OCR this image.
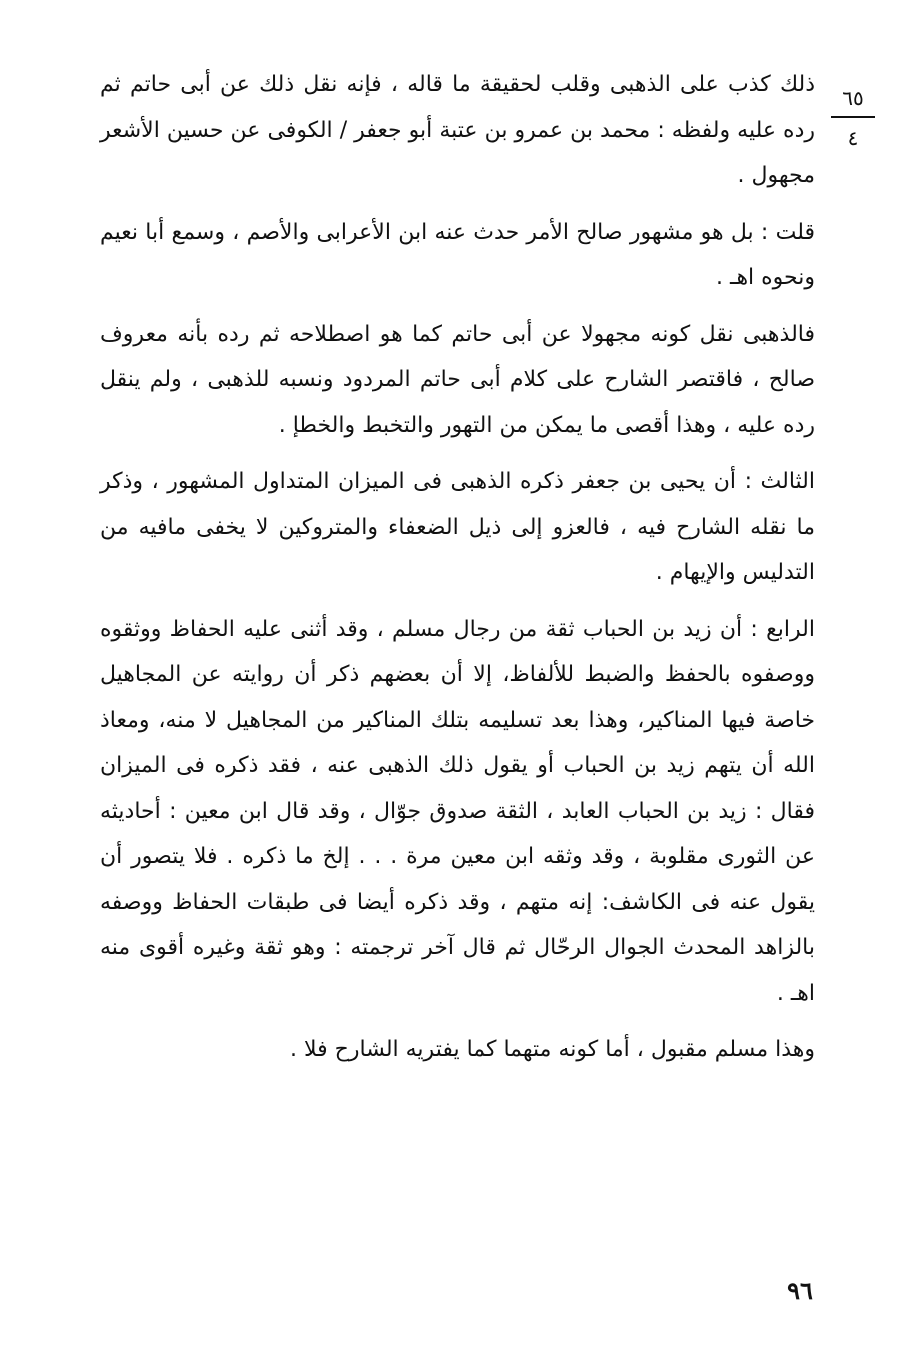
٦٥
٤

ذلك كذب على الذهبى وقلب لحقيقة ما قاله ، فإنه نقل ذلك عن أبى حاتم ثم رده عليه ولفظه : محمد بن عمرو بن عتبة أبو جعفر / الكوفى عن حسين الأشعر مجهول .

قلت : بل هو مشهور صالح الأمر حدث عنه ابن الأعرابى والأصم ، وسمع أبا نعيم ونحوه اهـ .

فالذهبى نقل كونه مجهولا عن أبى حاتم كما هو اصطلاحه ثم رده بأنه معروف صالح ، فاقتصر الشارح على كلام أبى حاتم المردود ونسبه للذهبى ، ولم ينقل رده عليه ، وهذا أقصى ما يمكن من التهور والتخبط والخطإ .

الثالث : أن يحيى بن جعفر ذكره الذهبى فى الميزان المتداول المشهور ، وذكر ما نقله الشارح فيه ، فالعزو إلى ذيل الضعفاء والمتروكين لا يخفى مافيه من التدليس والإيهام .

الرابع : أن زيد بن الحباب ثقة من رجال مسلم ، وقد أثنى عليه الحفاظ ووثقوه ووصفوه بالحفظ والضبط للألفاظ، إلا أن بعضهم ذكر أن روايته عن المجاهيل خاصة فيها المناكير، وهذا بعد تسليمه بتلك المناكير من المجاهيل لا منه، ومعاذ الله أن يتهم زيد بن الحباب أو يقول ذلك الذهبى عنه ، فقد ذكره فى الميزان فقال : زيد بن الحباب العابد ، الثقة صدوق جوّال ، وقد قال ابن معين : أحاديثه عن الثورى مقلوبة ، وقد وثقه ابن معين مرة . . . إلخ ما ذكره . فلا يتصور أن يقول عنه فى الكاشف: إنه متهم ، وقد ذكره أيضا فى طبقات الحفاظ ووصفه بالزاهد المحدث الجوال الرحّال ثم قال آخر ترجمته : وهو ثقة وغيره أقوى منه اهـ .

وهذا مسلم مقبول ، أما كونه متهما كما يفتريه الشارح فلا .

٩٦
